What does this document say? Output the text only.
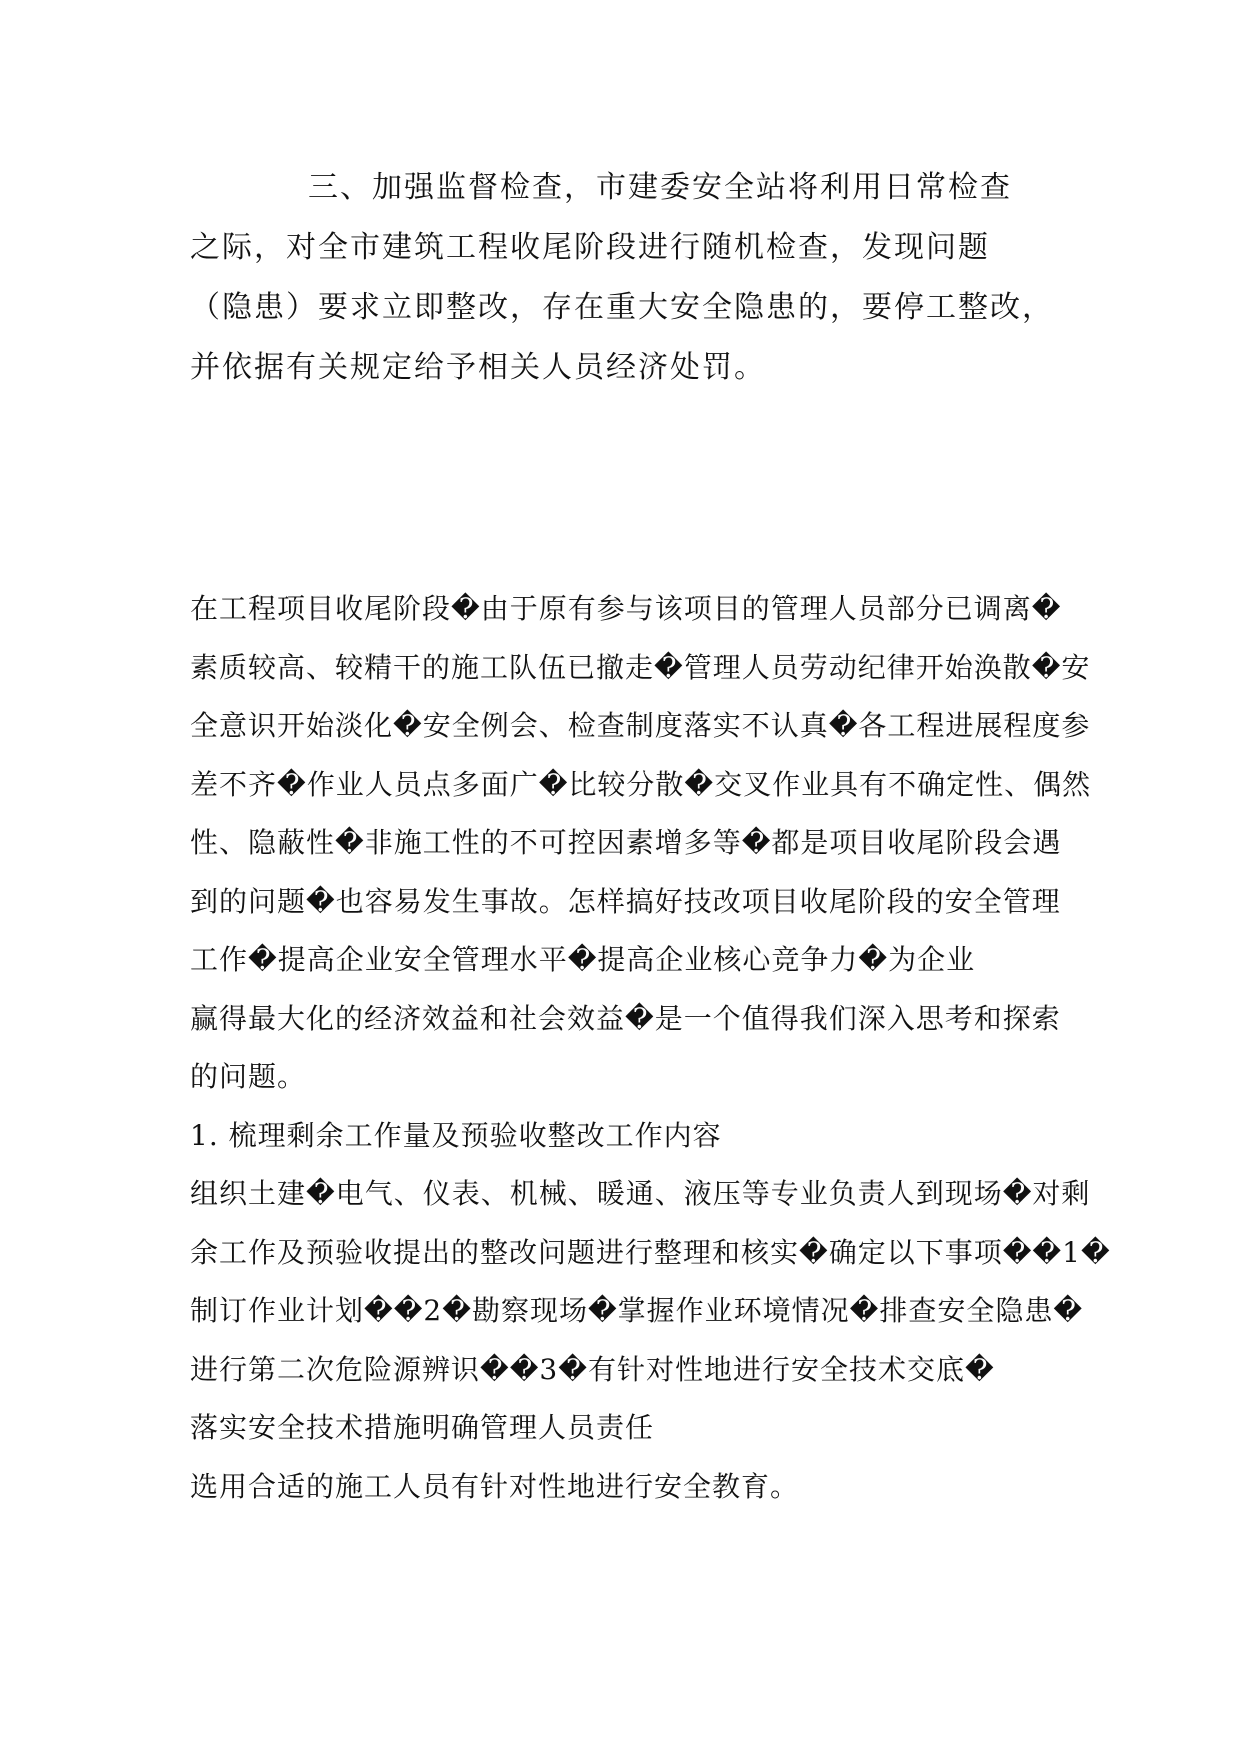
三、加强监督检查，市建委安全站将利用日常检查
之际，对全市建筑工程收尾阶段进行随机检查，发现问题
（隐患）要求立即整改，存在重大安全隐患的，要停工整改，
并依据有关规定给予相关人员经济处罚。
在工程项目收尾阶段�由于原有参与该项目的管理人员部分已调离�
素质较高、较精干的施工队伍已撤走�管理人员劳动纪律开始涣散�安
全意识开始淡化�安全例会、检查制度落实不认真�各工程进展程度参
差不齐�作业人员点多面广�比较分散�交叉作业具有不确定性、偶然
性、隐蔽性�非施工性的不可控因素增多等�都是项目收尾阶段会遇
到的问题�也容易发生事故。怎样搞好技改项目收尾阶段的安全管理
工作�提高企业安全管理水平�提高企业核心竞争力�为企业
赢得最大化的经济效益和社会效益�是一个值得我们深入思考和探索
的问题。
1. 梳理剩余工作量及预验收整改工作内容
组织土建�电气、仪表、机械、暖通、液压等专业负责人到现场�对剩
余工作及预验收提出的整改问题进行整理和核实�确定以下事项��1�
制订作业计划��2�勘察现场�掌握作业环境情况�排查安全隐患�
进行第二次危险源辨识��3�有针对性地进行安全技术交底�
落实安全技术措施明确管理人员责任
选用合适的施工人员有针对性地进行安全教育。
